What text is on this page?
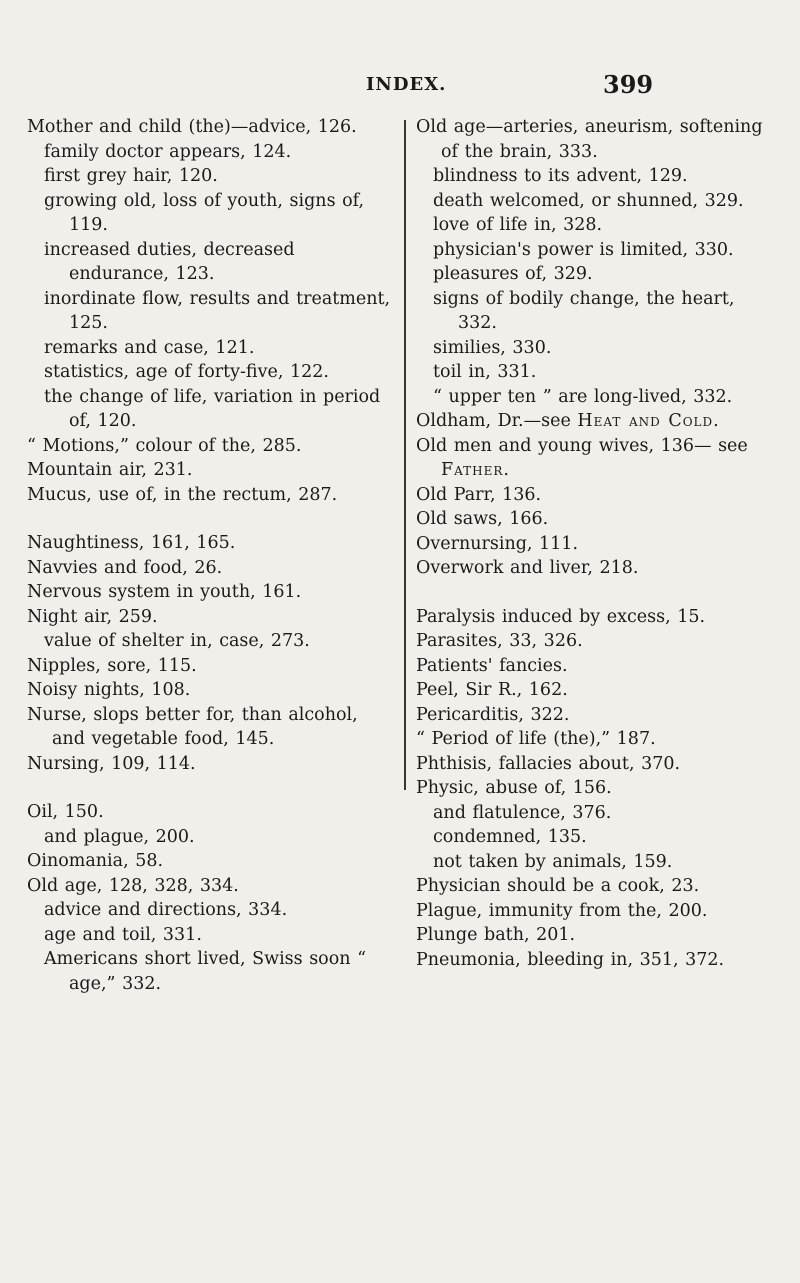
INDEX.	399
Mother and child (the)—advice, 126.
family doctor appears, 124.
first grey hair, 120.
growing old, loss of youth, signs of, 119.
increased duties, decreased endurance, 123.
inordinate flow, results and treatment, 125.
remarks and case, 121.
statistics, age of forty-five, 122.
the change of life, variation in period of, 120.
“ Motions,” colour of the, 285.
Mountain air, 231.
Mucus, use of, in the rectum, 287.
Naughtiness, 161, 165.
Navvies and food, 26.
Nervous system in youth, 161.
Night air, 259.
value of shelter in, case, 273.
Nipples, sore, 115.
Noisy nights, 108.
Nurse, slops better for, than alcohol, and vegetable food, 145.
Nursing, 109, 114.
Oil, 150.
and plague, 200.
Oinomania, 58.
Old age, 128, 328, 334.
advice and directions, 334.
age and toil, 331.
Americans short lived, Swiss soon “ age,” 332.
Old age—arteries, aneurism, softening of the brain, 333.
blindness to its advent, 129.
death welcomed, or shunned, 329.
love of life in, 328.
physician's power is limited, 330.
pleasures of, 329.
signs of bodily change, the heart, 332.
similies, 330.
toil in, 331.
“ upper ten ” are long-lived, 332.
Oldham, Dr.—see Heat and Cold.
Old men and young wives, 136— see Father.
Old Parr, 136.
Old saws, 166.
Overnursing, 111.
Overwork and liver, 218.
Paralysis induced by excess, 15.
Parasites, 33, 326.
Patients' fancies.
Peel, Sir R., 162.
Pericarditis, 322.
“ Period of life (the),” 187.
Phthisis, fallacies about, 370.
Physic, abuse of, 156.
and flatulence, 376.
condemned, 135.
not taken by animals, 159.
Physician should be a cook, 23.
Plague, immunity from the, 200.
Plunge bath, 201.
Pneumonia, bleeding in, 351, 372.
